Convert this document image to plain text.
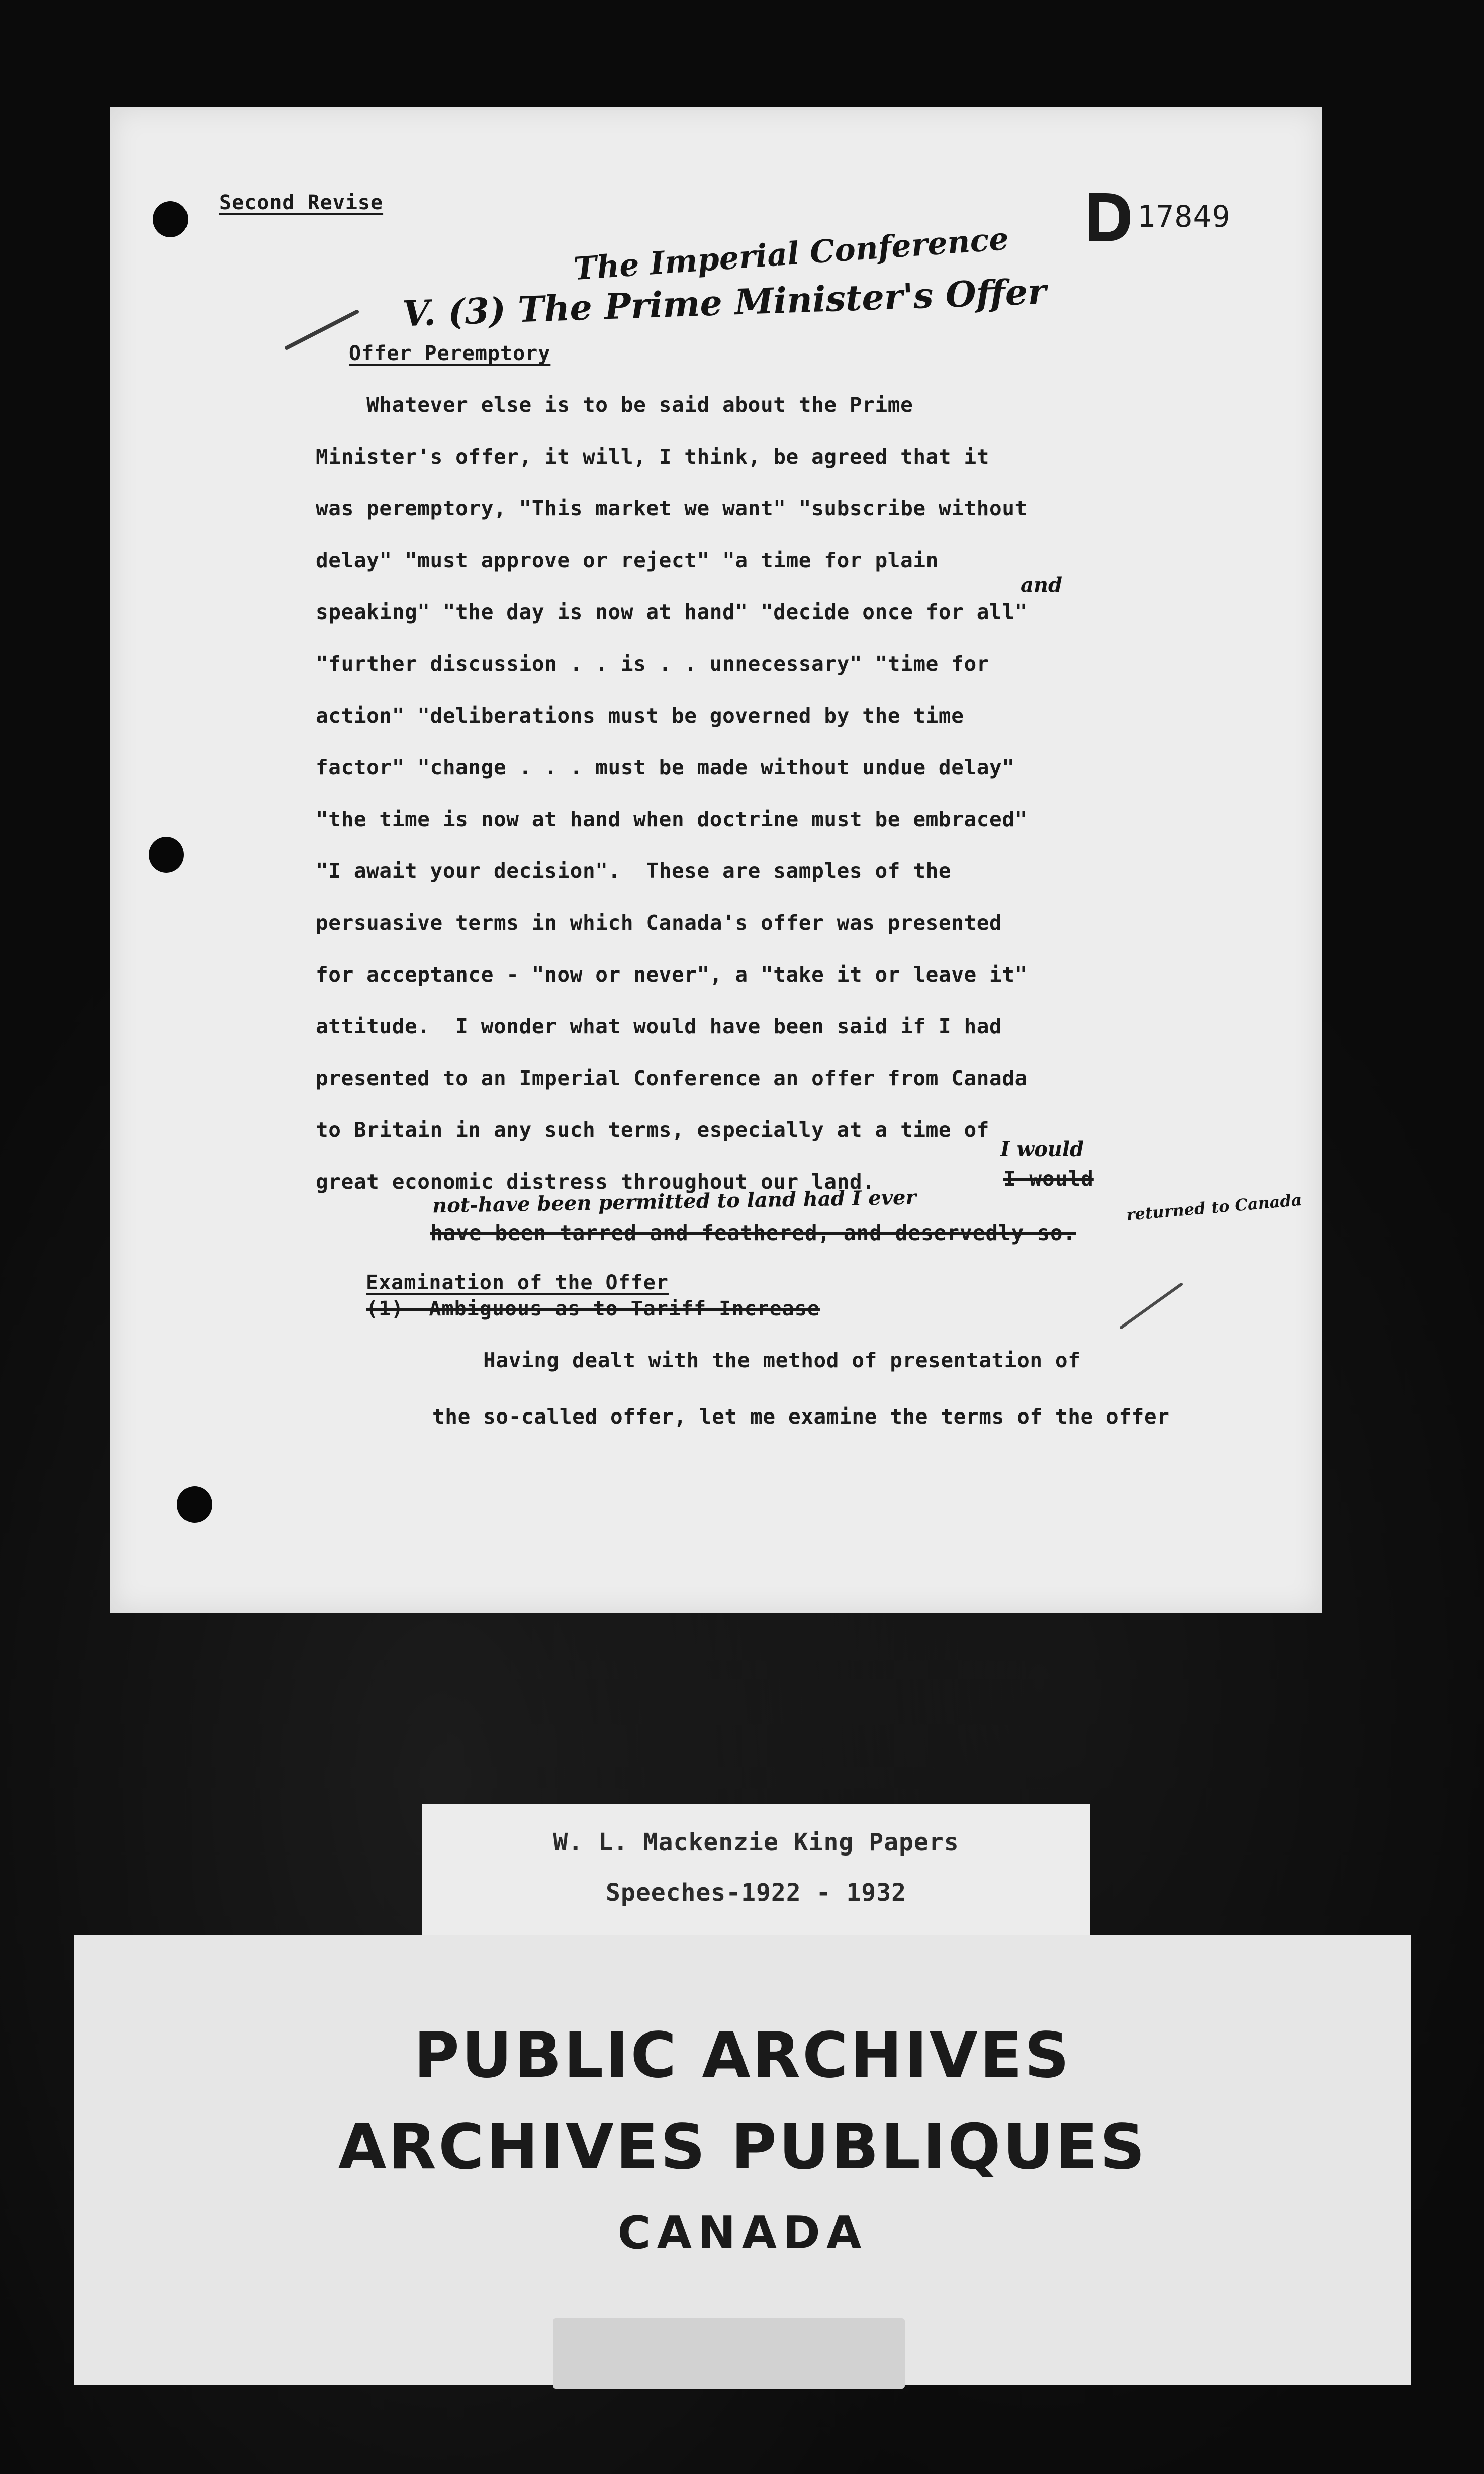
Second Revise	17849
The Imperial Conference
V. (3) The Prime Minister's Offer
Offer Peremptory
Whatever else is to be said about the Prime
Minister's offer, it will, I think, be agreed that it
was peremptory, "This market we want" "subscribe without
delay" "must approve or reject" "a time for plain
speaking" "the day is now at hand" "decide once for all"
"further discussion . . is . . unnecessary" "time for
action" "deliberations must be governed by the time
factor" "change . . . must be made without undue delay"
"the time is now at hand when doctrine must be embraced"
"I await your decision".  These are samples of the
persuasive terms in which Canada's offer was presented
for acceptance - "now or never", a "take it or leave it"
attitude.  I wonder what would have been said if I had
presented to an Imperial Conference an offer from Canada
to Britain in any such terms, especially at a time of
great economic distress throughout our land.
and
I would
I would
have been tarred and feathered, and deservedly so.
not-have been permitted to land had I ever	returned to Canada
Examination of the Offer
(1)  Ambiguous as to Tariff Increase
Having dealt with the method of presentation of
the so-called offer, let me examine the terms of the offer
W. L. Mackenzie King Papers
Speeches-1922 - 1932
PUBLIC ARCHIVES
ARCHIVES PUBLIQUES
CANADA
